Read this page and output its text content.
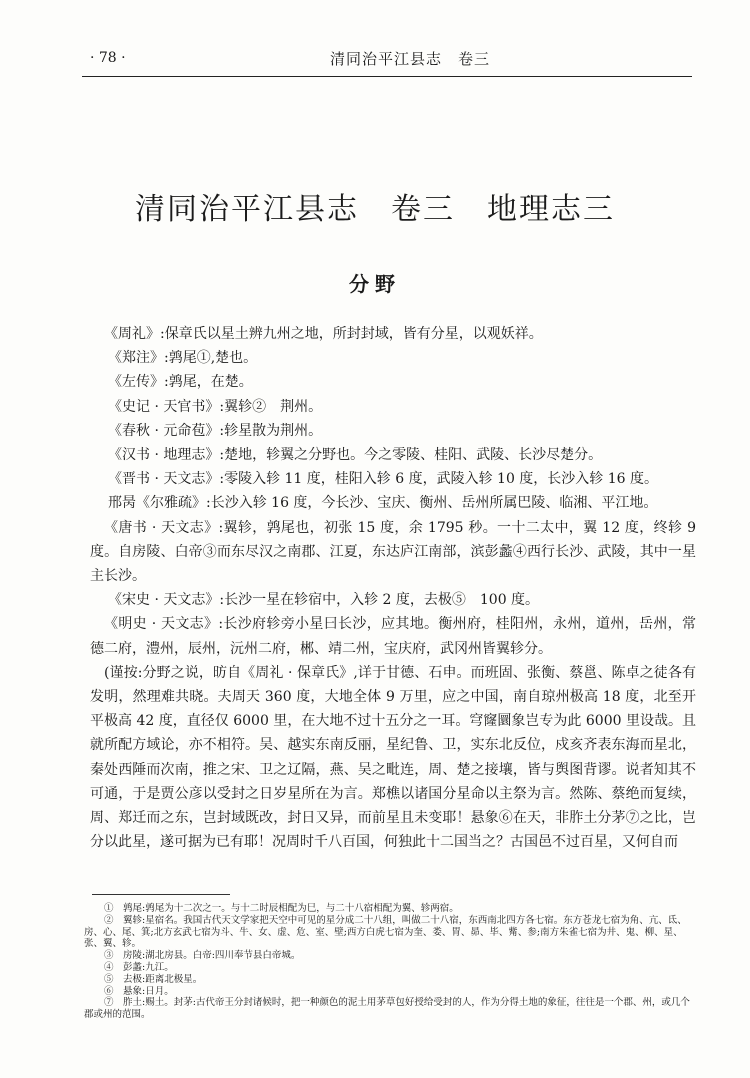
· 78 ·	清同治平江县志　卷三
清同治平江县志　卷三　地理志三
分野

《周礼》:保章氏以星土辨九州之地，所封封域，皆有分星，以观妖祥。

《郑注》:鹑尾①,楚也。

《左传》:鹑尾，在楚。

《史记 · 天官书》:翼轸②　荆州。

《春秋 · 元命苞》:轸星散为荆州。

《汉书 · 地理志》:楚地，轸翼之分野也。今之零陵、桂阳、武陵、长沙尽楚分。

《晋书 · 天文志》:零陵入轸 11 度，桂阳入轸 6 度，武陵入轸 10 度，长沙入轸 16 度。

邢昺《尔雅疏》:长沙入轸 16 度，今长沙、宝庆、衡州、岳州所属巴陵、临湘、平江地。

《唐书 · 天文志》:翼轸，鹑尾也，初张 15 度，余 1795 秒。一十二太中，翼 12 度，终轸 9 度。自房陵、白帝③而东尽汉之南郡、江夏，东达庐江南部，滨彭蠡④西行长沙、武陵，其中一星主长沙。

《宋史 · 天文志》:长沙一星在轸宿中，入轸 2 度，去极⑤　100 度。

《明史 · 天文志》:长沙府轸旁小星曰长沙，应其地。衡州府，桂阳州，永州，道州，岳州，常德二府，澧州，辰州，沅州二府，郴、靖二州，宝庆府，武冈州皆翼轸分。

(谨按:分野之说，昉自《周礼 · 保章氏》,详于甘德、石申。而班固、张衡、蔡邕、陈卓之徒各有发明，然理难共晓。夫周天 360 度，大地全体 9 万里，应之中国，南自琼州极高 18 度，北至开平极高 42 度，直径仅 6000 里，在大地不过十五分之一耳。穹窿圜象岂专为此 6000 里设哉。且就所配方域论，亦不相符。吴、越实东南反丽，星纪鲁、卫，实东北反位，戍亥齐表东海而星北，秦处西陲而次南，推之宋、卫之辽隔，燕、吴之毗连，周、楚之接壤，皆与舆图背谬。说者知其不可通，于是贾公彦以受封之日岁星所在为言。郑樵以诸国分星命以主祭为言。然陈、蔡绝而复续，周、郑迁而之东，岂封域既改，封日又异，而前星且未变耶！悬象⑥在天，非胙土分茅⑦之比，岂分以此星，遂可据为已有耶！况周时千八百国，何独此十二国当之？古国邑不过百星，又何自而

①　鹑尾:鹑尾为十二次之一。与十二时辰相配为巳，与二十八宿相配为翼、轸两宿。

②　翼轸:星宿名。我国古代天文学家把天空中可见的星分成二十八组，叫做二十八宿，东西南北四方各七宿。东方苍龙七宿为角、亢、氐、房、心、尾、箕;北方玄武七宿为斗、牛、女、虚、危、室、壁;西方白虎七宿为奎、娄、胃、昴、毕、觜、参;南方朱雀七宿为井、鬼、柳、星、张、翼、轸。

③　房陵:湖北房县。白帝:四川奉节县白帝城。

④　彭蠡:九江。

⑤　去极:距离北极星。

⑥　悬象:日月。

⑦　胙土:赐土。封茅:古代帝王分封诸候时，把一种颜色的泥土用茅草包好授给受封的人，作为分得土地的象征，往往是一个郡、州，或几个郡或州的范围。
